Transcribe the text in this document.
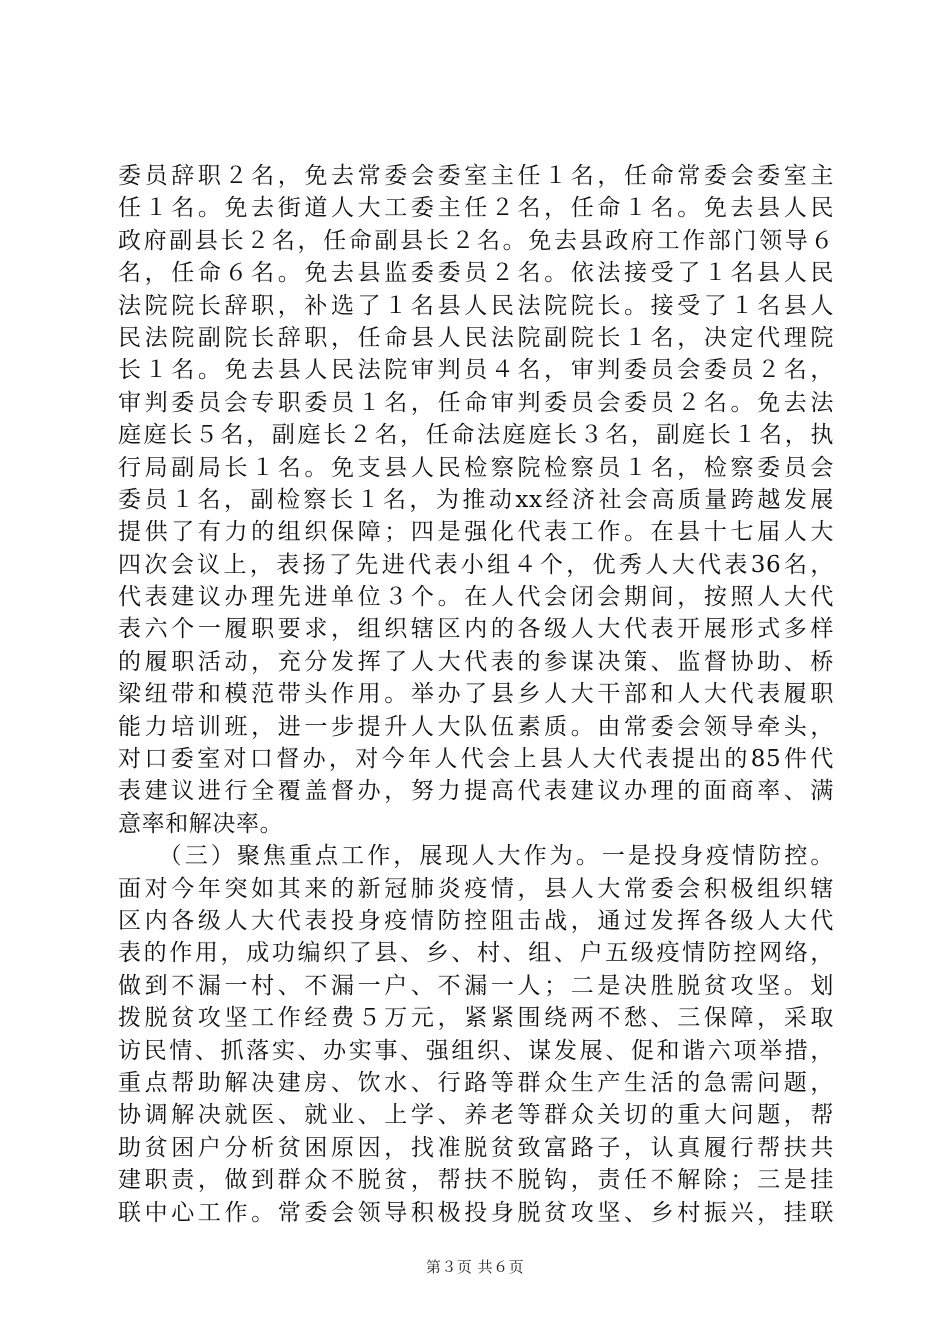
委员辞职２名，免去常委会委室主任１名，任命常委会委室主
任１名。免去街道人大工委主任２名，任命１名。免去县人民
政府副县长２名，任命副县长２名。免去县政府工作部门领导６
名，任命６名。免去县监委委员２名。依法接受了１名县人民
法院院长辞职，补选了１名县人民法院院长。接受了１名县人
民法院副院长辞职，任命县人民法院副院长１名，决定代理院
长１名。免去县人民法院审判员４名，审判委员会委员２名，
审判委员会专职委员１名，任命审判委员会委员２名。免去法
庭庭长５名，副庭长２名，任命法庭庭长３名，副庭长１名，执
行局副局长１名。免支县人民检察院检察员１名，检察委员会
委员１名，副检察长１名，为推动xx经济社会高质量跨越发展
提供了有力的组织保障；四是强化代表工作。在县十七届人大
四次会议上，表扬了先进代表小组４个，优秀人大代表36名，
代表建议办理先进单位３个。在人代会闭会期间，按照人大代
表六个一履职要求，组织辖区内的各级人大代表开展形式多样
的履职活动，充分发挥了人大代表的参谋决策、监督协助、桥
梁纽带和模范带头作用。举办了县乡人大干部和人大代表履职
能力培训班，进一步提升人大队伍素质。由常委会领导牵头，
对口委室对口督办，对今年人代会上县人大代表提出的85件代
表建议进行全覆盖督办，努力提高代表建议办理的面商率、满
意率和解决率。
　　（三）聚焦重点工作，展现人大作为。一是投身疫情防控。
面对今年突如其来的新冠肺炎疫情，县人大常委会积极组织辖
区内各级人大代表投身疫情防控阻击战，通过发挥各级人大代
表的作用，成功编织了县、乡、村、组、户五级疫情防控网络，
做到不漏一村、不漏一户、不漏一人；二是决胜脱贫攻坚。划
拨脱贫攻坚工作经费５万元，紧紧围绕两不愁、三保障，采取
访民情、抓落实、办实事、强组织、谋发展、促和谐六项举措，
重点帮助解决建房、饮水、行路等群众生产生活的急需问题，
协调解决就医、就业、上学、养老等群众关切的重大问题，帮
助贫困户分析贫困原因，找准脱贫致富路子，认真履行帮扶共
建职责，做到群众不脱贫，帮扶不脱钩，责任不解除；三是挂
联中心工作。常委会领导积极投身脱贫攻坚、乡村振兴，挂联
第３页 共６页
